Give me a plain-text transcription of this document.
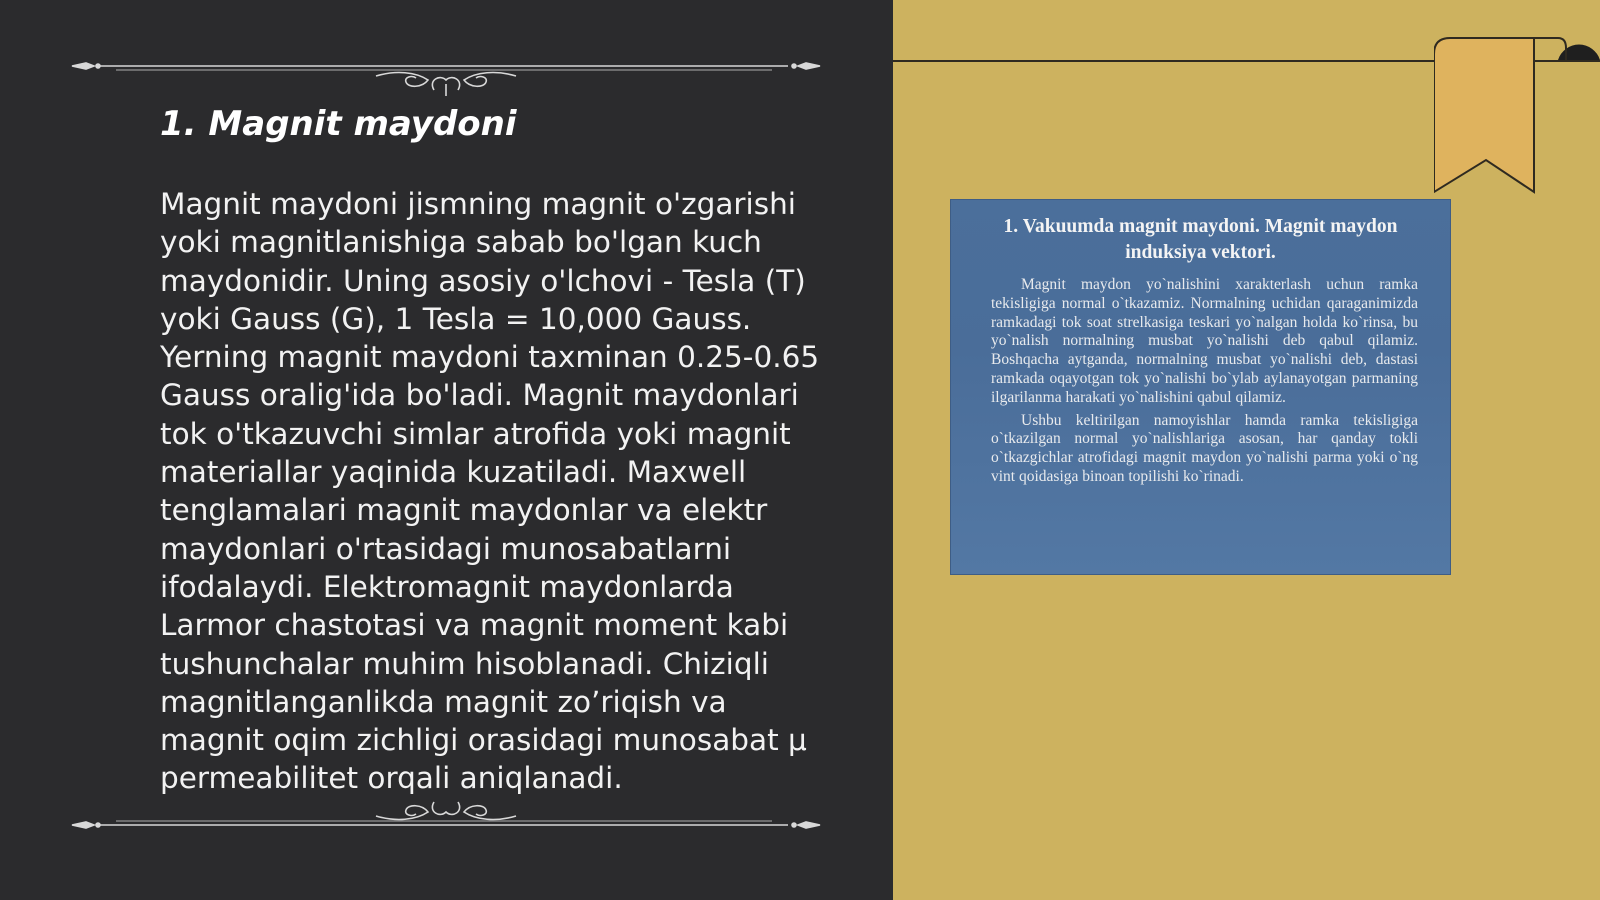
1. Magnit maydoni

Magnit maydoni jismning magnit o'zgarishi yoki magnitlanishiga sabab bo'lgan kuch maydonidir. Uning asosiy o'lchovi - Tesla (T) yoki Gauss (G), 1 Tesla = 10,000 Gauss. Yerning magnit maydoni taxminan 0.25-0.65 Gauss oralig'ida bo'ladi. Magnit maydonlari tok o'tkazuvchi simlar atrofida yoki magnit materiallar yaqinida kuzatiladi. Maxwell tenglamalari magnit maydonlar va elektr maydonlari o'rtasidagi munosabatlarni ifodalaydi. Elektromagnit maydonlarda Larmor chastotasi va magnit moment kabi tushunchalar muhim hisoblanadi. Chiziqli magnitlanganlikda magnit zo’riqish va magnit oqim zichligi orasidagi munosabat μ permeabilitet orqali aniqlanadi.

1. Vakuumda magnit maydoni. Magnit maydon induksiya vektori.
Magnit maydon yo`nalishini xarakterlash uchun ramka tekisligiga normal o`tkazamiz. Normalning uchidan qaraganimizda ramkadagi tok soat strelkasiga teskari yo`nalgan holda ko`rinsa, bu yo`nalish normalning musbat yo`nalishi deb qabul qilamiz. Boshqacha aytganda, normalning musbat yo`nalishi deb, dastasi ramkada oqayotgan tok yo`nalishi bo`ylab aylanayotgan parmaning ilgarilanma harakati yo`nalishini qabul qilamiz.
Ushbu keltirilgan namoyishlar hamda ramka tekisligiga o`tkazilgan normal yo`nalishlariga asosan, har qanday tokli o`tkazgichlar atrofidagi magnit maydon yo`nalishi parma yoki o`ng vint qoidasiga binoan topilishi ko`rinadi.
